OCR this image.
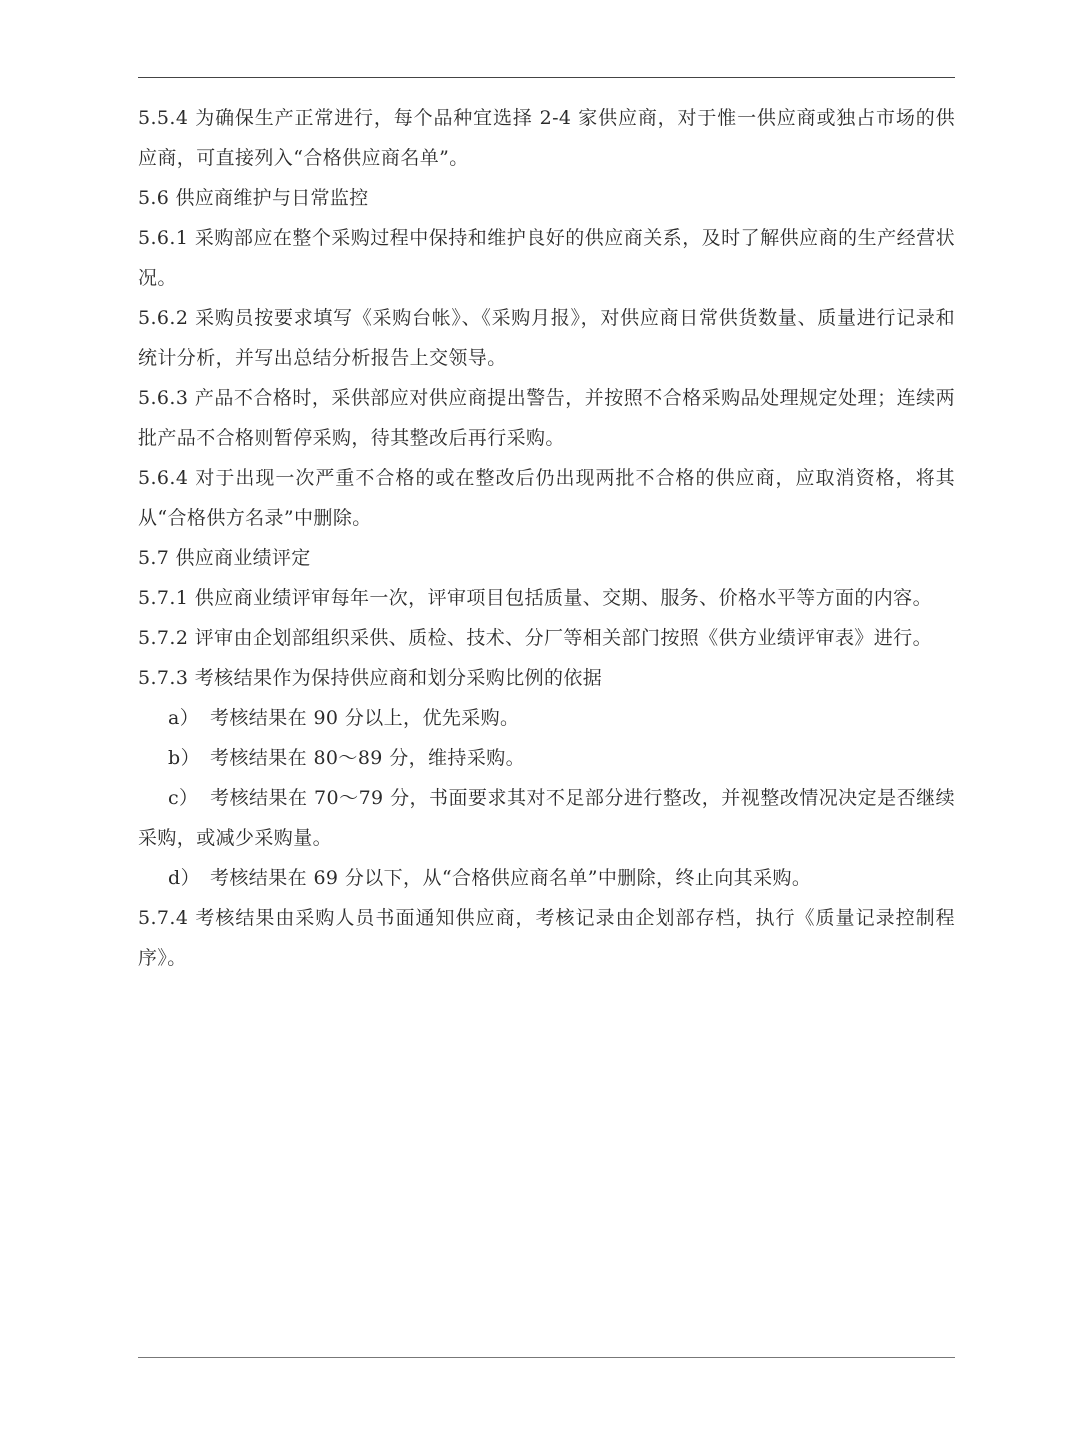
5.5.4 为确保生产正常进行，每个品种宜选择 2-4 家供应商，对于惟一供应商或独占市场的供应商，可直接列入“合格供应商名单”。

5.6 供应商维护与日常监控

5.6.1 采购部应在整个采购过程中保持和维护良好的供应商关系，及时了解供应商的生产经营状况。

5.6.2 采购员按要求填写《采购台帐》、《采购月报》，对供应商日常供货数量、质量进行记录和统计分析，并写出总结分析报告上交领导。

5.6.3 产品不合格时，采供部应对供应商提出警告，并按照不合格采购品处理规定处理；连续两批产品不合格则暂停采购，待其整改后再行采购。

5.6.4 对于出现一次严重不合格的或在整改后仍出现两批不合格的供应商，应取消资格，将其从“合格供方名录”中删除。

5.7 供应商业绩评定

5.7.1 供应商业绩评审每年一次，评审项目包括质量、交期、服务、价格水平等方面的内容。

5.7.2 评审由企划部组织采供、质检、技术、分厂等相关部门按照《供方业绩评审表》进行。

5.7.3 考核结果作为保持供应商和划分采购比例的依据

a） 考核结果在 90 分以上，优先采购。

b） 考核结果在 80～89 分，维持采购。

c） 考核结果在 70～79 分，书面要求其对不足部分进行整改，并视整改情况决定是否继续采购，或减少采购量。

d） 考核结果在 69 分以下，从“合格供应商名单”中删除，终止向其采购。

5.7.4 考核结果由采购人员书面通知供应商，考核记录由企划部存档，执行《质量记录控制程序》。
